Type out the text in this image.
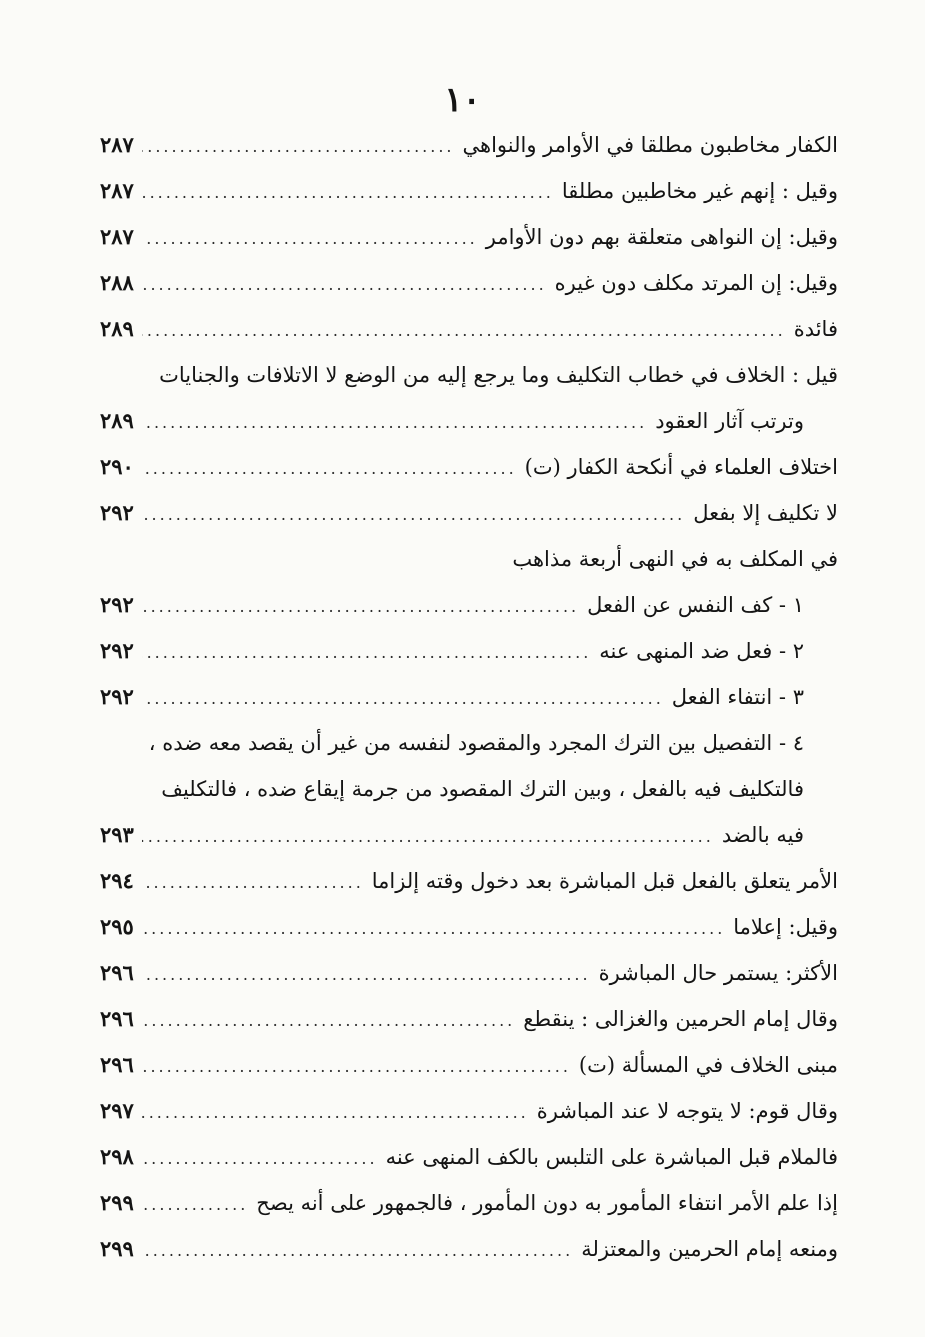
١٠
الكفار مخاطبون مطلقا في الأوامر والنواهي
.....
٢٨٧
وقيل : إنهم غير مخاطبين مطلقا
.....
٢٨٧
وقيل: إن النواهى متعلقة بهم دون الأوامر
.....
٢٨٧
وقيل: إن المرتد مكلف دون غيره
.....
٢٨٨
فائدة
.....
٢٨٩
قيل : الخلاف في خطاب التكليف وما يرجع إليه من الوضع لا الاتلافات والجنايات
وترتب آثار العقود
.....
٢٨٩
اختلاف العلماء في أنكحة الكفار (ت)
.....
٢٩٠
لا تكليف إلا بفعل
.....
٢٩٢
في المكلف به في النهى أربعة مذاهب
١ - كف النفس عن الفعل
.....
٢٩٢
٢ - فعل ضد المنهى عنه
.....
٢٩٢
٣ - انتفاء الفعل
.....
٢٩٢
٤ - التفصيل بين الترك المجرد والمقصود لنفسه من غير أن يقصد معه ضده ،
فالتكليف فيه بالفعل ، وبين الترك المقصود من جرمة إيقاع ضده ، فالتكليف
فيه بالضد
.....
٢٩٣
الأمر يتعلق بالفعل قبل المباشرة بعد دخول وقته إلزاما
.....
٢٩٤
وقيل: إعلاما
.....
٢٩٥
الأكثر: يستمر حال المباشرة
.....
٢٩٦
وقال إمام الحرمين والغزالى : ينقطع
.....
٢٩٦
مبنى الخلاف في المسألة (ت)
.....
٢٩٦
وقال قوم: لا يتوجه لا عند المباشرة
.....
٢٩٧
فالملام قبل المباشرة على التلبس بالكف المنهى عنه
.....
٢٩٨
إذا علم الأمر انتفاء المأمور به دون المأمور ، فالجمهور على أنه يصح
.....
٢٩٩
ومنعه إمام الحرمين والمعتزلة
.....
٢٩٩
